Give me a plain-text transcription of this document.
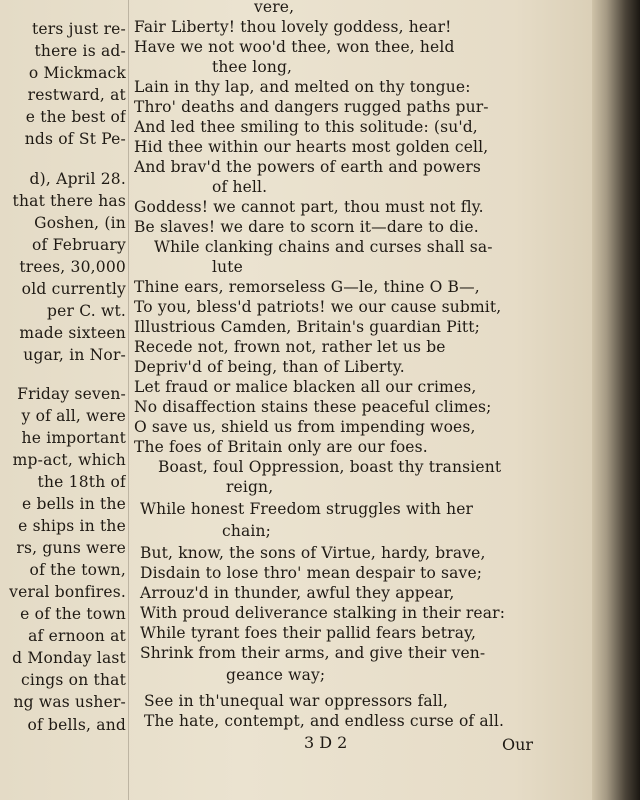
ters just re-
there is ad-
o Mickmack
restward, at
e the best of
nds of St Pe-
d), April 28.
that there has
Goshen, (in
of February
trees, 30,000
old currently
per C. wt.
made sixteen
ugar, in Nor-
Friday seven-
y of all, were
he important
mp-act, which
the 18th of
e bells in the
e ships in the
rs, guns were
of the town,
veral bonfires.
e of the town
af ernoon at
d Monday last
cings on that
ng was usher-
of bells, and
3 D 2	Our
vere,
Fair Liberty! thou lovely goddess, hear!
Have we not woo'd thee, won thee, held
thee long,
Lain in thy lap, and melted on thy tongue:
Thro' deaths and dangers rugged paths pur-
And led thee smiling to this solitude: (su'd,
Hid thee within our hearts most golden cell,
And brav'd the powers of earth and powers
of hell.
Goddess! we cannot part, thou must not fly.
Be slaves! we dare to scorn it—dare to die.
While clanking chains and curses shall sa-
lute
Thine ears, remorseless G—le, thine O B—,
To you, bless'd patriots! we our cause submit,
Illustrious Camden, Britain's guardian Pitt;
Recede not, frown not, rather let us be
Depriv'd of being, than of Liberty.
Let fraud or malice blacken all our crimes,
No disaffection stains these peaceful climes;
O save us, shield us from impending woes,
The foes of Britain only are our foes.
Boast, foul Oppression, boast thy transient
reign,
While honest Freedom struggles with her
chain;
But, know, the sons of Virtue, hardy, brave,
Disdain to lose thro' mean despair to save;
Arrouz'd in thunder, awful they appear,
With proud deliverance stalking in their rear:
While tyrant foes their pallid fears betray,
Shrink from their arms, and give their ven-
geance way;
See in th'unequal war oppressors fall,
The hate, contempt, and endless curse of all.
